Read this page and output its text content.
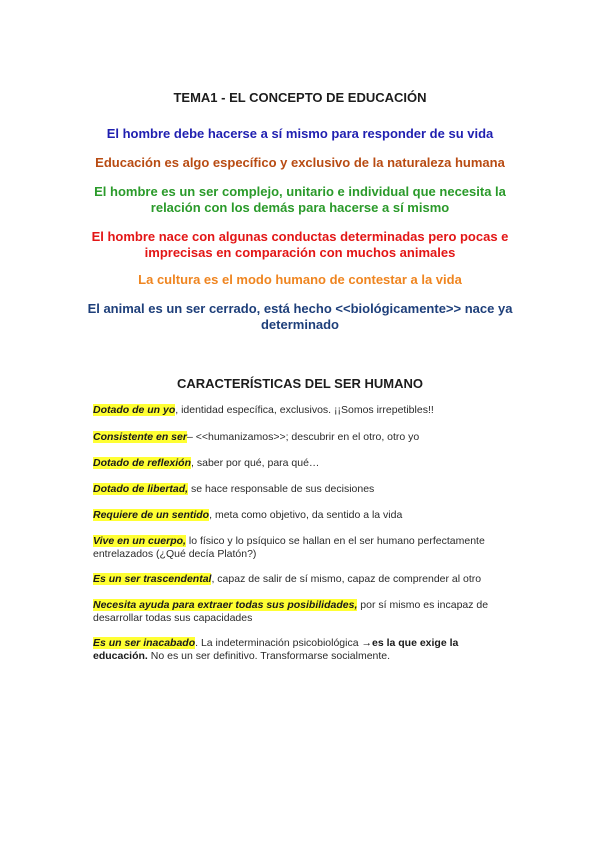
TEMA1 - EL CONCEPTO DE EDUCACIÓN
El hombre debe hacerse a sí mismo para responder de su vida
Educación es algo específico y exclusivo de la naturaleza humana
El hombre es un ser complejo, unitario e individual que necesita la relación con los demás para hacerse a sí mismo
El hombre nace con algunas conductas determinadas pero pocas e imprecisas en comparación con muchos animales
La cultura es el modo humano de contestar a la vida
El animal es un ser cerrado, está hecho <<biológicamente>> nace ya determinado
CARACTERÍSTICAS DEL SER HUMANO
Dotado de un yo, identidad específica, exclusivos. ¡¡Somos irrepetibles!!
Consistente en ser– <<humanizamos>>; descubrir en el otro, otro yo
Dotado de reflexión, saber por qué, para qué…
Dotado de libertad, se hace responsable de sus decisiones
Requiere de un sentido, meta como objetivo, da sentido a la vida
Vive en un cuerpo, lo físico y lo psíquico se hallan en el ser humano perfectamente entrelazados (¿Qué decía Platón?)
Es un ser trascendental, capaz de salir de sí mismo, capaz de comprender al otro
Necesita ayuda para extraer todas sus posibilidades, por sí mismo es incapaz de desarrollar todas sus capacidades
Es un ser inacabado. La indeterminación psicobiológica →es la que exige la educación. No es un ser definitivo. Transformarse socialmente.
